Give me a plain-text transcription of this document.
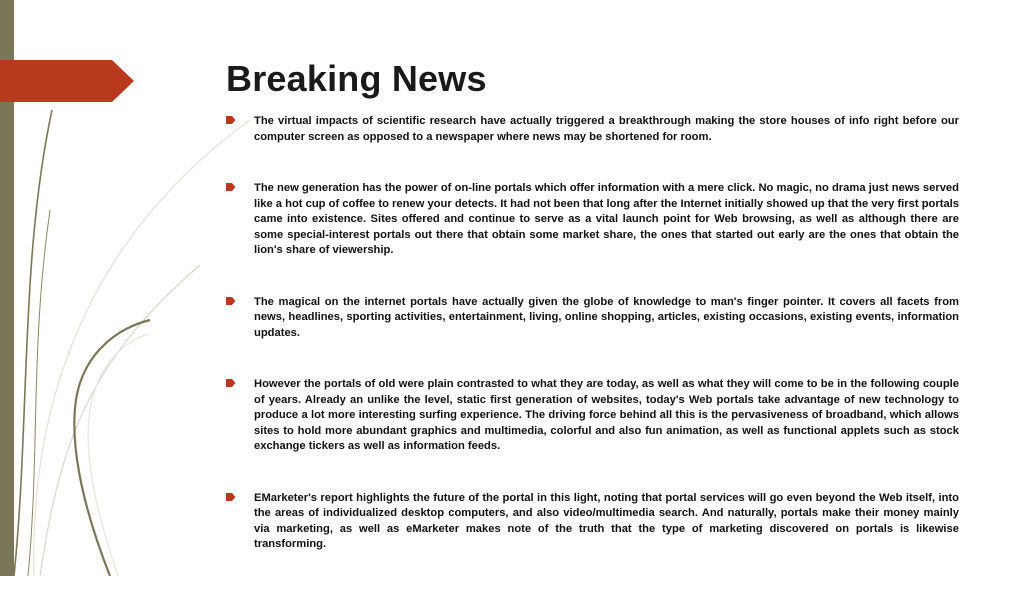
Breaking News
The virtual impacts of scientific research have actually triggered a breakthrough making the store houses of info right before our computer screen as opposed to a newspaper where news may be shortened for room.
The new generation has the power of on-line portals which offer information with a mere click. No magic, no drama just news served like a hot cup of coffee to renew your detects. It had not been that long after the Internet initially showed up that the very first portals came into existence. Sites offered and continue to serve as a vital launch point for Web browsing, as well as although there are some special-interest portals out there that obtain some market share, the ones that started out early are the ones that obtain the lion's share of viewership.
The magical on the internet portals have actually given the globe of knowledge to man's finger pointer. It covers all facets from news, headlines, sporting activities, entertainment, living, online shopping, articles, existing occasions, existing events, information updates.
However the portals of old were plain contrasted to what they are today, as well as what they will come to be in the following couple of years. Already an unlike the level, static first generation of websites, today's Web portals take advantage of new technology to produce a lot more interesting surfing experience. The driving force behind all this is the pervasiveness of broadband, which allows sites to hold more abundant graphics and multimedia, colorful and also fun animation, as well as functional applets such as stock exchange tickers as well as information feeds.
EMarketer's report highlights the future of the portal in this light, noting that portal services will go even beyond the Web itself, into the areas of individualized desktop computers, and also video/multimedia search. And naturally, portals make their money mainly via marketing, as well as eMarketer makes note of the truth that the type of marketing discovered on portals is likewise transforming.
